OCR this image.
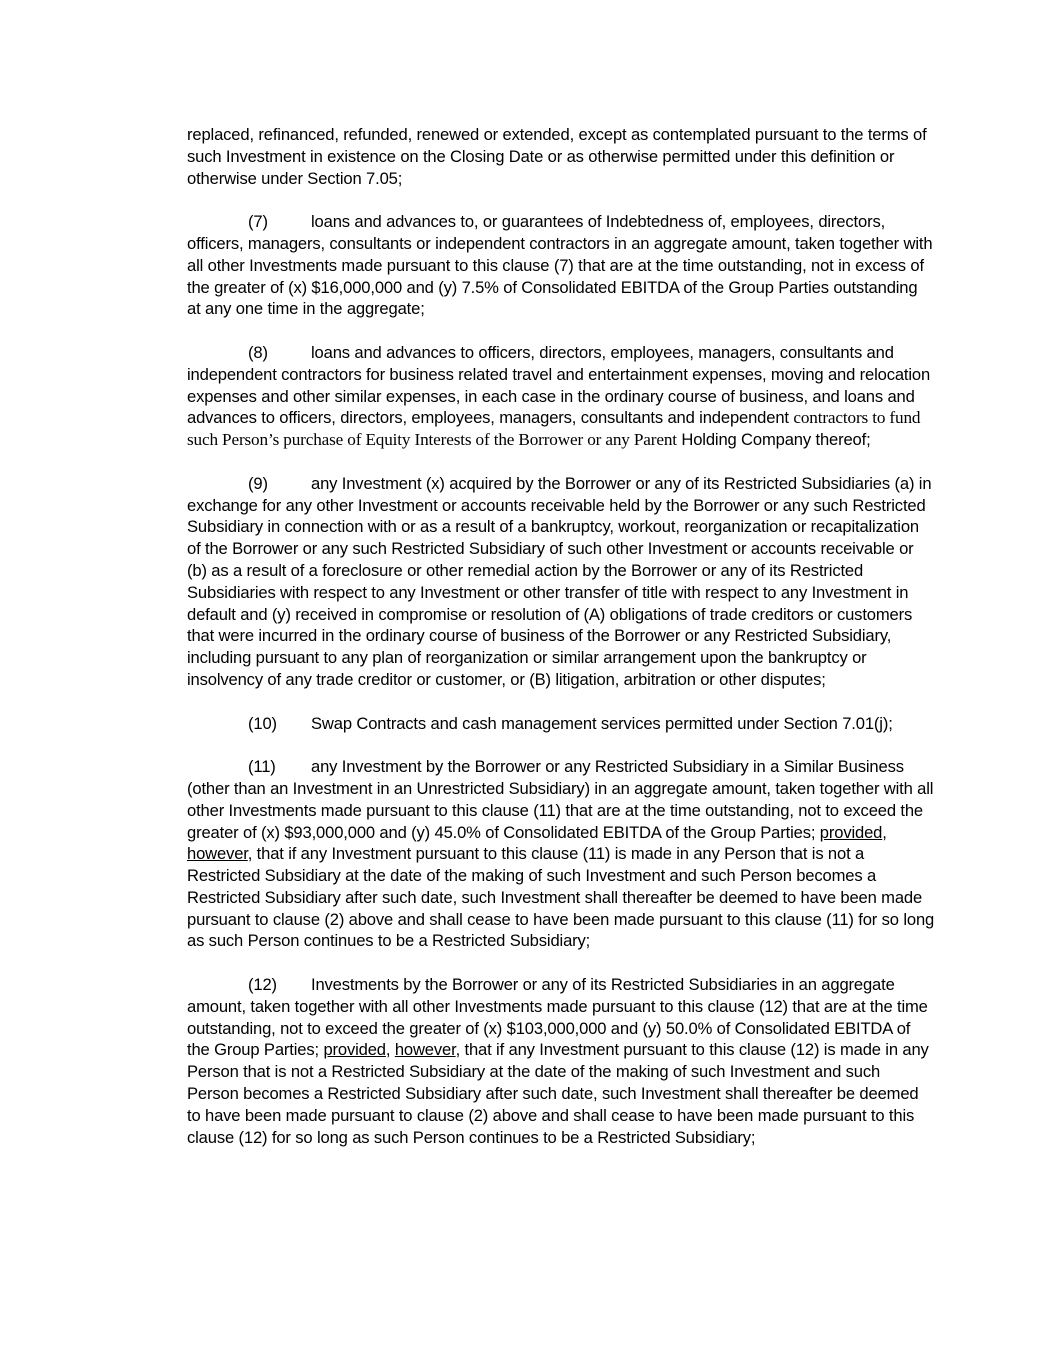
replaced, refinanced, refunded, renewed or extended, except as contemplated pursuant to the terms of such Investment in existence on the Closing Date or as otherwise permitted under this definition or otherwise under Section 7.05;

(7)	loans and advances to, or guarantees of Indebtedness of, employees, directors, officers, managers, consultants or independent contractors in an aggregate amount, taken together with all other Investments made pursuant to this clause (7) that are at the time outstanding, not in excess of the greater of (x) $16,000,000 and (y) 7.5% of Consolidated EBITDA of the Group Parties outstanding at any one time in the aggregate;

(8)	loans and advances to officers, directors, employees, managers, consultants and independent contractors for business related travel and entertainment expenses, moving and relocation expenses and other similar expenses, in each case in the ordinary course of business, and loans and advances to officers, directors, employees, managers, consultants and independent contractors to fund such Person’s purchase of Equity Interests of the Borrower or any Parent Holding Company thereof;

(9)	any Investment (x) acquired by the Borrower or any of its Restricted Subsidiaries (a) in exchange for any other Investment or accounts receivable held by the Borrower or any such Restricted Subsidiary in connection with or as a result of a bankruptcy, workout, reorganization or recapitalization of the Borrower or any such Restricted Subsidiary of such other Investment or accounts receivable or (b) as a result of a foreclosure or other remedial action by the Borrower or any of its Restricted Subsidiaries with respect to any Investment or other transfer of title with respect to any Investment in default and (y) received in compromise or resolution of (A) obligations of trade creditors or customers that were incurred in the ordinary course of business of the Borrower or any Restricted Subsidiary, including pursuant to any plan of reorganization or similar arrangement upon the bankruptcy or insolvency of any trade creditor or customer, or (B) litigation, arbitration or other disputes;

(10) Swap Contracts and cash management services permitted under Section 7.01(j);

(11) any Investment by the Borrower or any Restricted Subsidiary in a Similar Business (other than an Investment in an Unrestricted Subsidiary) in an aggregate amount, taken together with all other Investments made pursuant to this clause (11) that are at the time outstanding, not to exceed the greater of (x) $93,000,000 and (y) 45.0% of Consolidated EBITDA of the Group Parties; provided, however, that if any Investment pursuant to this clause (11) is made in any Person that is not a Restricted Subsidiary at the date of the making of such Investment and such Person becomes a Restricted Subsidiary after such date, such Investment shall thereafter be deemed to have been made pursuant to clause (2) above and shall cease to have been made pursuant to this clause (11) for so long as such Person continues to be a Restricted Subsidiary;

(12) Investments by the Borrower or any of its Restricted Subsidiaries in an aggregate amount, taken together with all other Investments made pursuant to this clause (12) that are at the time outstanding, not to exceed the greater of (x) $103,000,000 and (y) 50.0% of Consolidated EBITDA of the Group Parties; provided, however, that if any Investment pursuant to this clause (12) is made in any Person that is not a Restricted Subsidiary at the date of the making of such Investment and such Person becomes a Restricted Subsidiary after such date, such Investment shall thereafter be deemed to have been made pursuant to clause (2) above and shall cease to have been made pursuant to this clause (12) for so long as such Person continues to be a Restricted Subsidiary;
